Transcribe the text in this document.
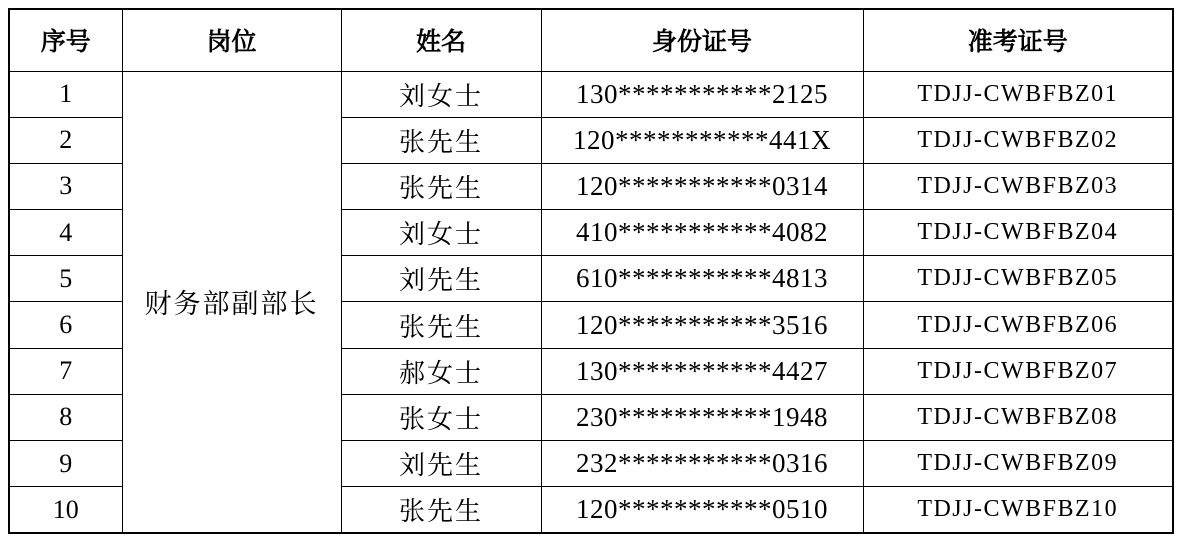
序号	岗位	姓名	身份证号	准考证号
1	财务部副部长	刘女士	130***********2125	TDJJ-CWBFBZ01
2		张先生	120***********441X	TDJJ-CWBFBZ02
3		张先生	120***********0314	TDJJ-CWBFBZ03
4		刘女士	410***********4082	TDJJ-CWBFBZ04
5		刘先生	610***********4813	TDJJ-CWBFBZ05
6		张先生	120***********3516	TDJJ-CWBFBZ06
7		郝女士	130***********4427	TDJJ-CWBFBZ07
8		张女士	230***********1948	TDJJ-CWBFBZ08
9		刘先生	232***********0316	TDJJ-CWBFBZ09
10		张先生	120***********0510	TDJJ-CWBFBZ10
